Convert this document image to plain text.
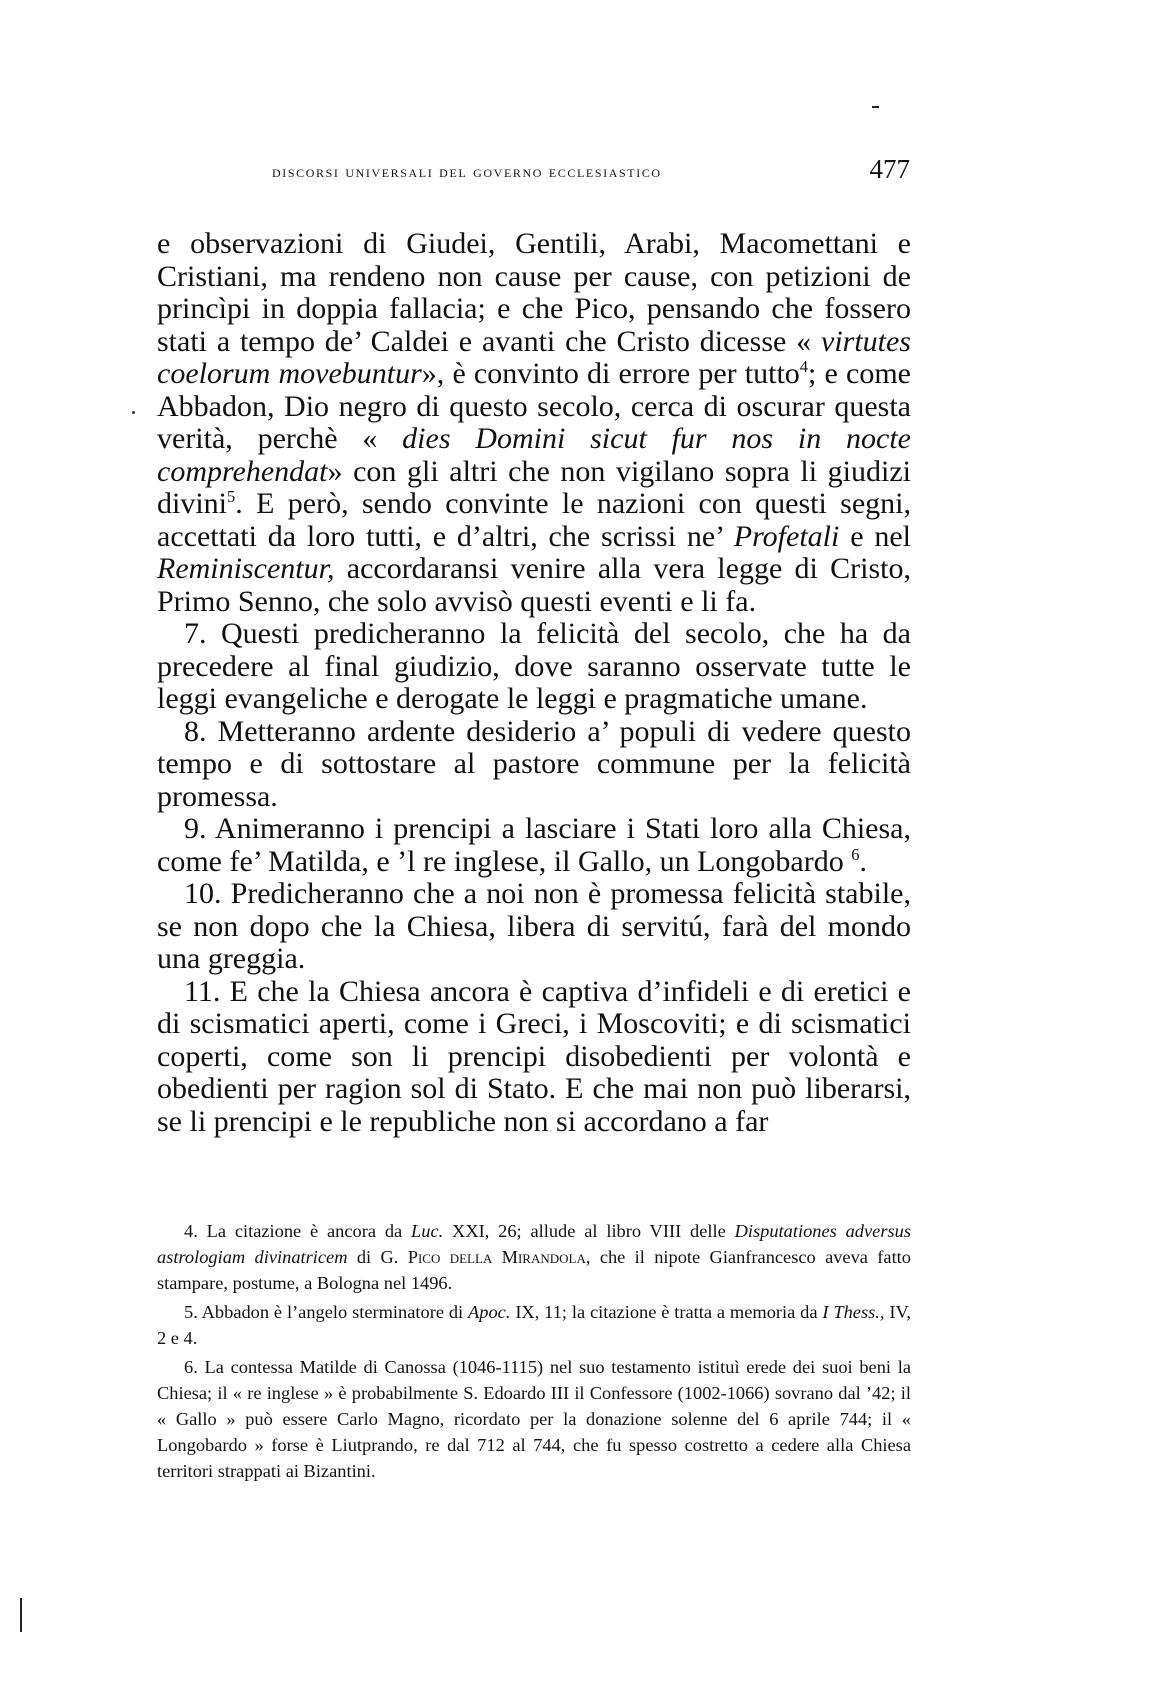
discorsi universali del governo ecclesiastico	477

e observazioni di Giudei, Gentili, Arabi, Macomettani e Cristiani, ma rendeno non cause per cause, con petizioni de princìpi in doppia fallacia; e che Pico, pensando che fossero stati a tempo de’ Caldei e avanti che Cristo dicesse « virtutes coelorum movebuntur», è convinto di errore per tutto$^4$; e come Abbadon, Dio negro di questo secolo, cerca di oscurar questa verità, perchè « dies Domini sicut fur nos in nocte comprehendat» con gli altri che non vigilano sopra li giudizi divini$^5$. E però, sendo convinte le nazioni con questi segni, accettati da loro tutti, e d’altri, che scrissi ne’ Profetali e nel Reminiscentur, accordaransi venire alla vera legge di Cristo, Primo Senno, che solo avvisò questi eventi e li fa.

7. Questi predicheranno la felicità del secolo, che ha da precedere al final giudizio, dove saranno osservate tutte le leggi evangeliche e derogate le leggi e pragmatiche umane.

8. Metteranno ardente desiderio a’ populi di vedere questo tempo e di sottostare al pastore commune per la felicità promessa.

9. Animeranno i prencipi a lasciare i Stati loro alla Chiesa, come fe’ Matilda, e ’l re inglese, il Gallo, un Longobardo $^6$.

10. Predicheranno che a noi non è promessa felicità stabile, se non dopo che la Chiesa, libera di servitú, farà del mondo una greggia.

11. E che la Chiesa ancora è captiva d’infideli e di eretici e di scismatici aperti, come i Greci, i Moscoviti; e di scismatici coperti, come son li prencipi disobedienti per volontà e obedienti per ragion sol di Stato. E che mai non può liberarsi, se li prencipi e le republiche non si accordano a far

4. La citazione è ancora da Luc. XXI, 26; allude al libro VIII delle Disputationes adversus astrologiam divinatricem di G. Pico della Mirandola, che il nipote Gianfrancesco aveva fatto stampare, postume, a Bologna nel 1496.

5. Abbadon è l’angelo sterminatore di Apoc. IX, 11; la citazione è tratta a memoria da I Thess., IV, 2 e 4.

6. La contessa Matilde di Canossa (1046-1115) nel suo testamento istituì erede dei suoi beni la Chiesa; il « re inglese » è probabilmente S. Edoardo III il Confessore (1002-1066) sovrano dal ’42; il « Gallo » può essere Carlo Magno, ricordato per la donazione solenne del 6 aprile 744; il « Longobardo » forse è Liutprando, re dal 712 al 744, che fu spesso costretto a cedere alla Chiesa territori strappati ai Bizantini.
